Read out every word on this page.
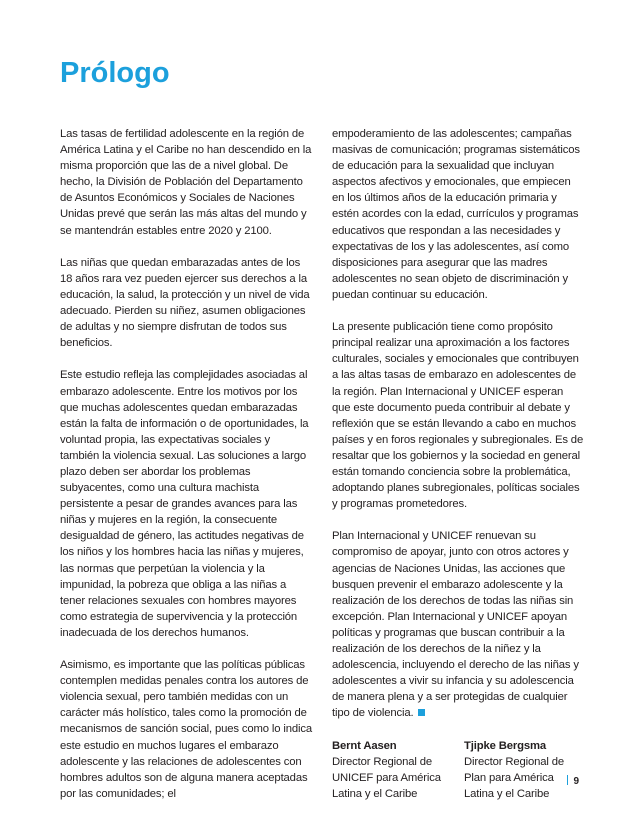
Prólogo

Las tasas de fertilidad adolescente en la región de América Latina y el Caribe no han descendido en la misma proporción que las de a nivel global. De hecho, la División de Población del Departamento de Asuntos Económicos y Sociales de Naciones Unidas prevé que serán las más altas del mundo y se mantendrán estables entre 2020 y 2100.

Las niñas que quedan embarazadas antes de los 18 años rara vez pueden ejercer sus derechos a la educación, la salud, la protección y un nivel de vida adecuado. Pierden su niñez, asumen obligaciones de adultas y no siempre disfrutan de todos sus beneficios.

Este estudio refleja las complejidades asociadas al embarazo adolescente. Entre los motivos por los que muchas adolescentes quedan embarazadas están la falta de información o de oportunidades, la voluntad propia, las expectativas sociales y también la violencia sexual. Las soluciones a largo plazo deben ser abordar los problemas subyacentes, como una cultura machista persistente a pesar de grandes avances para las niñas y mujeres en la región, la consecuente desigualdad de género, las actitudes negativas de los niños y los hombres hacia las niñas y mujeres, las normas que perpetúan la violencia y la impunidad, la pobreza que obliga a las niñas a tener relaciones sexuales con hombres mayores como estrategia de supervivencia y la protección inadecuada de los derechos humanos.

Asimismo, es importante que las políticas públicas contemplen medidas penales contra los autores de violencia sexual, pero también medidas con un carácter más holístico, tales como la promoción de mecanismos de sanción social, pues como lo indica este estudio en muchos lugares el embarazo adolescente y las relaciones de adolescentes con hombres adultos son de alguna manera aceptadas por las comunidades; el

empoderamiento de las adolescentes; campañas masivas de comunicación; programas sistemáticos de educación para la sexualidad que incluyan aspectos afectivos y emocionales, que empiecen en los últimos años de la educación primaria y estén acordes con la edad, currículos y programas educativos que respondan a las necesidades y expectativas de los y las adolescentes, así como disposiciones para asegurar que las madres adolescentes no sean objeto de discriminación y puedan continuar su educación.

La presente publicación tiene como propósito principal realizar una aproximación a los factores culturales, sociales y emocionales que contribuyen a las altas tasas de embarazo en adolescentes de la región. Plan Internacional y UNICEF esperan que este documento pueda contribuir al debate y reflexión que se están llevando a cabo en muchos países y en foros regionales y subregionales. Es de resaltar que los gobiernos y la sociedad en general están tomando conciencia sobre la problemática, adoptando planes subregionales, políticas sociales y programas prometedores.

Plan Internacional y UNICEF renuevan su compromiso de apoyar, junto con otros actores y agencias de Naciones Unidas, las acciones que busquen prevenir el embarazo adolescente y la realización de los derechos de todas las niñas sin excepción. Plan Internacional y UNICEF apoyan políticas y programas que buscan contribuir a la realización de los derechos de la niñez y la adolescencia, incluyendo el derecho de las niñas y adolescentes a vivir su infancia y su adolescencia de manera plena y a ser protegidas de cualquier tipo de violencia.

Bernt Aasen
Director Regional de
UNICEF para América
Latina y el Caribe
Tjipke Bergsma
Director Regional de
Plan para América
Latina y el Caribe
9
